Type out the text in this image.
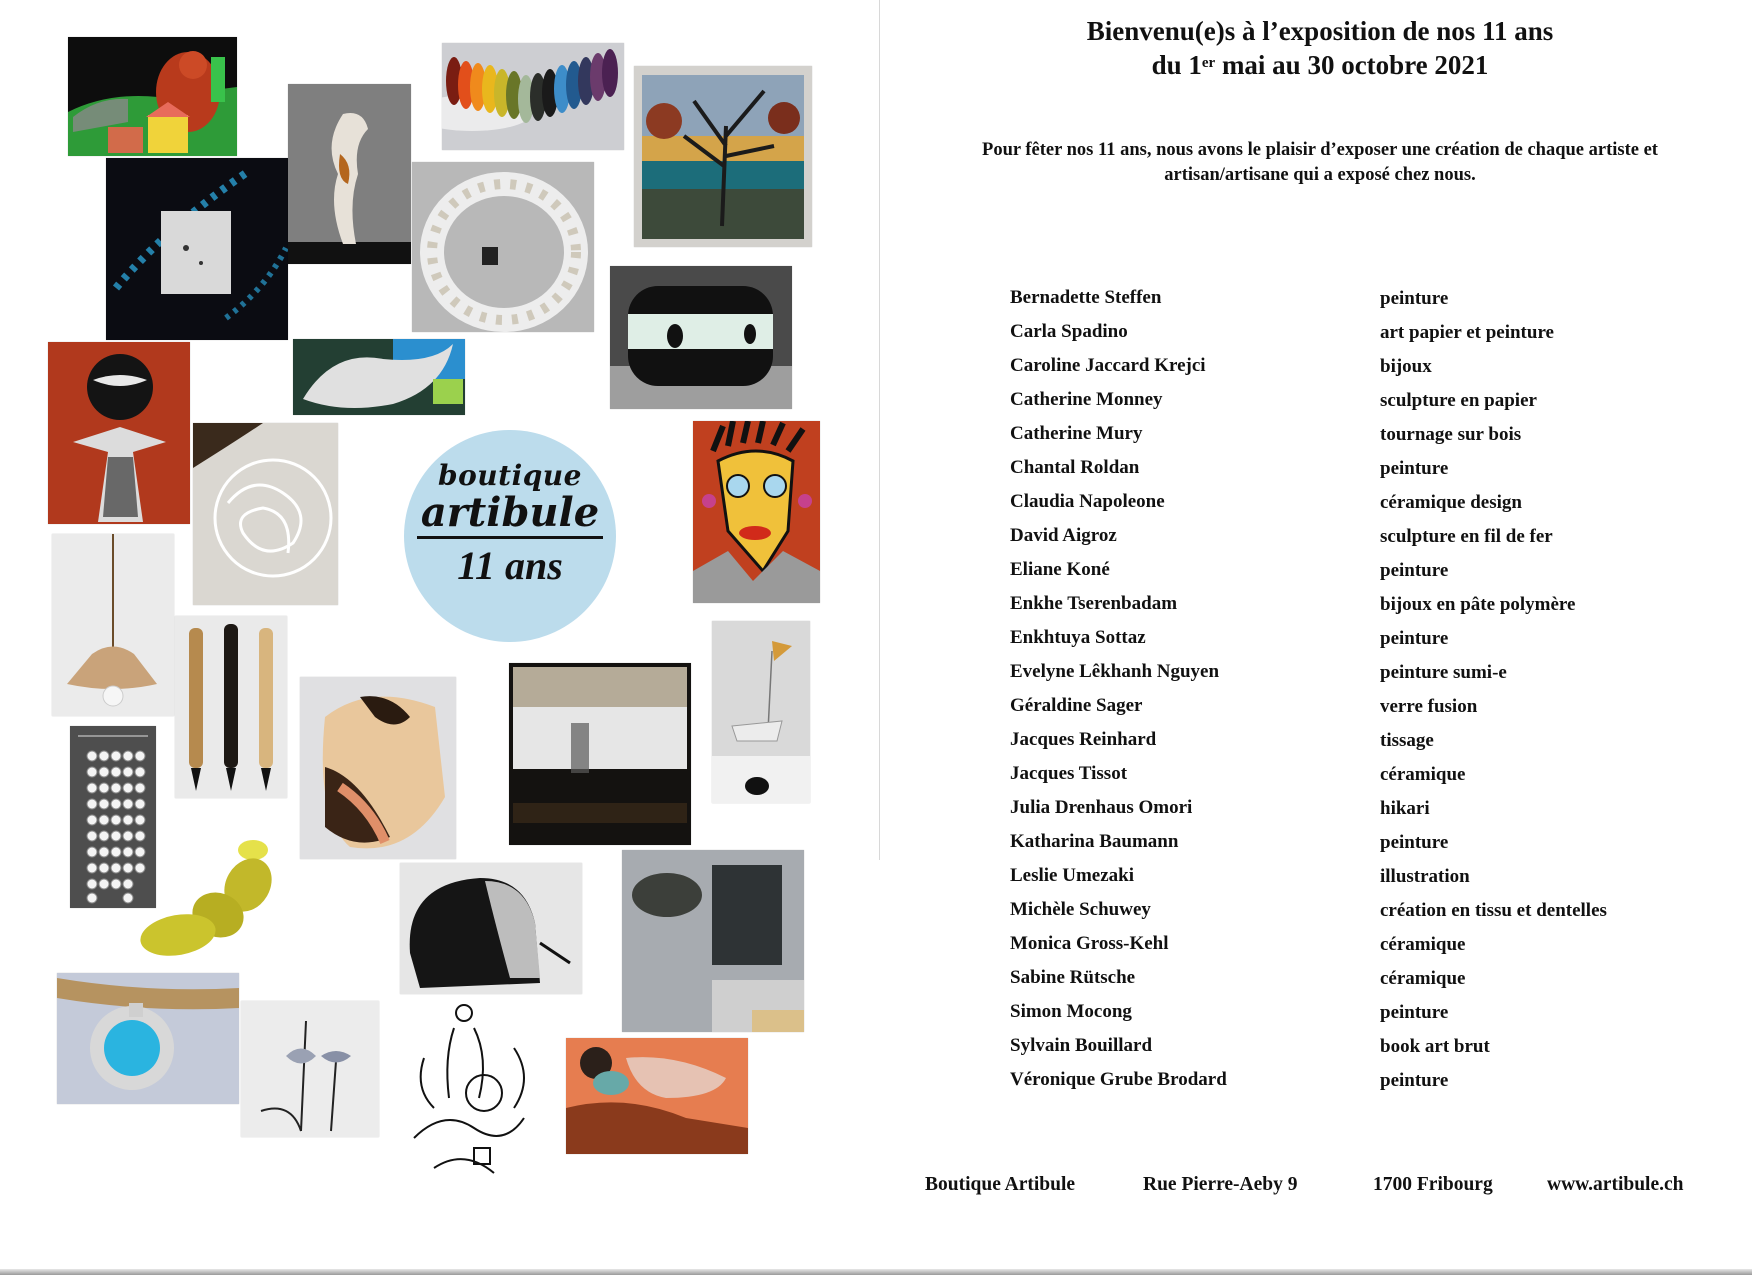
boutique
artibule
11 ans
Bienvenu(e)s à l’exposition de nos 11 ans
du 1er mai au 30 octobre 2021
Pour fêter nos 11 ans, nous avons le plaisir d’exposer une création de chaque artiste et
artisan/artisane qui a exposé chez nous.
Bernadette Steffen	peinture
Carla Spadino	art papier et peinture
Caroline Jaccard Krejci	bijoux
Catherine Monney	sculpture en papier
Catherine Mury	tournage sur bois
Chantal Roldan	peinture
Claudia Napoleone	céramique design
David Aigroz	sculpture en fil de fer
Eliane Koné	peinture
Enkhe Tserenbadam	bijoux en pâte polymère
Enkhtuya Sottaz	peinture
Evelyne Lêkhanh Nguyen	peinture sumi-e
Géraldine Sager	verre fusion
Jacques Reinhard	tissage
Jacques Tissot	céramique
Julia Drenhaus Omori	hikari
Katharina Baumann	peinture
Leslie Umezaki	illustration
Michèle Schuwey	création en tissu et dentelles
Monica Gross-Kehl	céramique
Sabine Rütsche	céramique
Simon Mocong	peinture
Sylvain Bouillard	book art brut
Véronique Grube Brodard	peinture
Boutique Artibule	Rue Pierre-Aeby 9	1700 Fribourg	www.artibule.ch
